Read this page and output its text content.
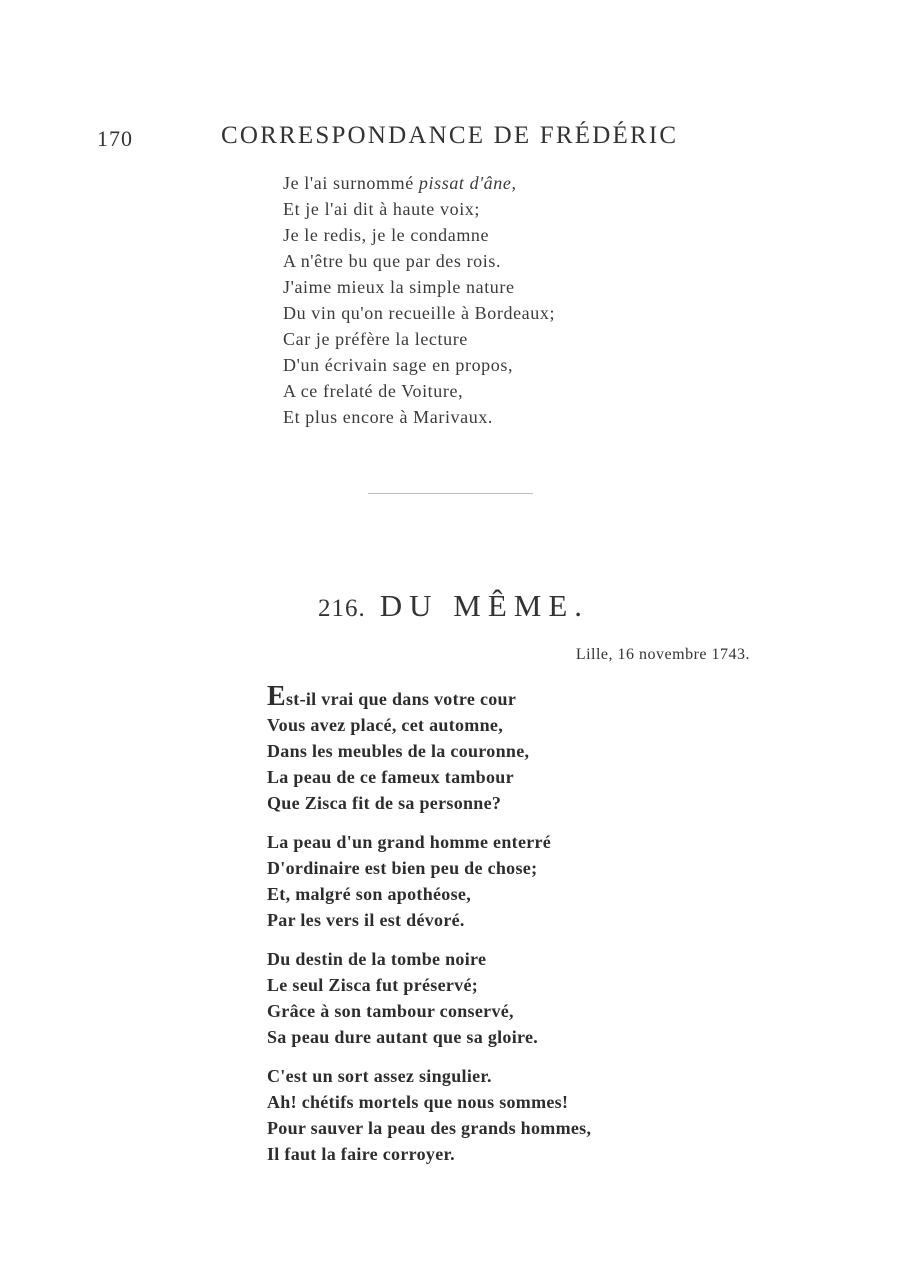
170	CORRESPONDANCE DE FRÉDÉRIC
Je l'ai surnommé pissat d'âne,
Et je l'ai dit à haute voix;
Je le redis, je le condamne
A n'être bu que par des rois.
J'aime mieux la simple nature
Du vin qu'on recueille à Bordeaux;
Car je préfère la lecture
D'un écrivain sage en propos,
A ce frelaté de Voiture,
Et plus encore à Marivaux.
216. DU MÊME.
Lille, 16 novembre 1743.
Est-il vrai que dans votre cour
Vous avez placé, cet automne,
Dans les meubles de la couronne,
La peau de ce fameux tambour
Que Zisca fit de sa personne?
La peau d'un grand homme enterré
D'ordinaire est bien peu de chose;
Et, malgré son apothéose,
Par les vers il est dévoré.
Du destin de la tombe noire
Le seul Zisca fut préservé;
Grâce à son tambour conservé,
Sa peau dure autant que sa gloire.
C'est un sort assez singulier.
Ah! chétifs mortels que nous sommes!
Pour sauver la peau des grands hommes,
Il faut la faire corroyer.
